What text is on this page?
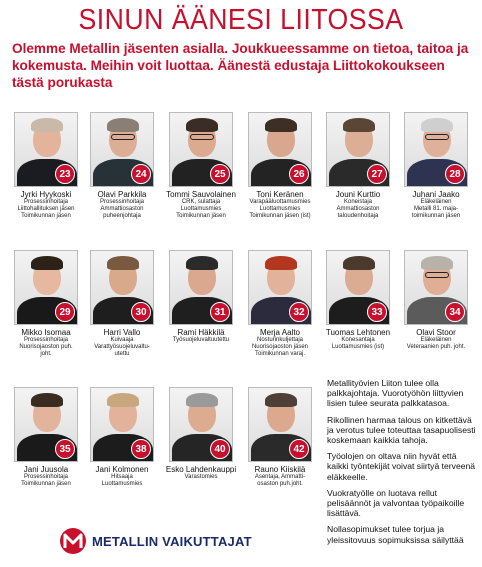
SINUN ÄÄNESI LIITOSSA

Olemme Metallin jäsenten asialla. Joukkueessamme on tietoa, taitoa ja kokemusta. Meihin voit luottaa. Äänestä edustaja Liittokokoukseen tästä porukasta

23
Jyrki Hyykoski
Prosessinhoitaja
Liittohallituksen jäsen
Toimikunnan jäsen
24
Olavi Parkkila
Prosessinhoitaja
Ammattiosaston
puheenjohtaja
25
Tommi Sauvolainen
CRK, sulattaja
Luottamusmies
Toimikunnan jäsen
26
Toni Keränen
Varapääluottamusmies
Luottamusmies
Toimikunnan jäsen (ist)
27
Jouni Kurttio
Koneistaja
Ammattiosaston
taloudenhoitaja
28
Juhani Jaako
Eläkeläinen
Metalli 81. maja-
toimikunnan jäsen
29
Mikko Isomaa
Prosessinhoitaja
Nuorisojaoston puh.
joht.
30
Harri Vallo
Kuivaaja
Varattyösuojeluvaltu-
utettu
31
Rami Häkkilä
Työsuojeluvaltuutettu
32
Merja Aalto
Nosturinkuljettaja
Nuorisojaoston jäsen
Toimikunnan varaj.
33
Tuomas Lehtonen
Konesantaja
Luottamusmies (ist)
34
Olavi Stoor
Eläkeläinen
Veteraanien puh. joht.
35
Jani Juusola
Prosessinhoitaja
Toimikunnan jäsen
38
Jani Kolmonen
Hitsaaja
Luottamusmies
40
Esko Lahdenkauppi
Varastomies
42
Rauno Kiiskilä
Asentaja, Ammatti-
osaston puh.joht.

Metallityövien Liiton tulee olla palkkajohtaja. Vuorotyöhön liittyvien lisien tulee seurata palkkatasoa.

Rikollinen harmaa talous on kitkettävä ja verotus tulee toteuttaa tasapuolisesti koskemaan kaikkia tahoja.

Työolojen on oltava niin hyvät että kaikki työntekijät voivat siirtyä terveenä eläkkeelle.

Vuokratyölle on luotava rellut pelisäännöt ja valvontaa työpaikoille lisättävä.

Nollasopimukset tulee torjua ja yleissitovuus sopimuksissa säilyttää

METALLIN VAIKUTTAJAT
